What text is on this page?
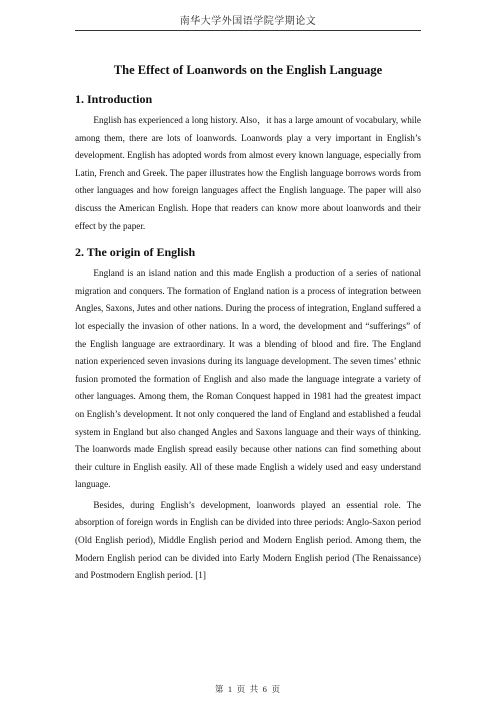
南华大学外国语学院学期论文
The Effect of Loanwords on the English Language
1. Introduction

English has experienced a long history. Also，it has a large amount of vocabulary, while among them, there are lots of loanwords. Loanwords play a very important in English’s development. English has adopted words from almost every known language, especially from Latin, French and Greek. The paper illustrates how the English language borrows words from other languages and how foreign languages affect the English language. The paper will also discuss the American English. Hope that readers can know more about loanwords and their effect by the paper.

2. The origin of English

England is an island nation and this made English a production of a series of national migration and conquers. The formation of England nation is a process of integration between Angles, Saxons, Jutes and other nations. During the process of integration, England suffered a lot especially the invasion of other nations. In a word, the development and “sufferings” of the English language are extraordinary. It was a blending of blood and fire. The England nation experienced seven invasions during its language development. The seven times’ ethnic fusion promoted the formation of English and also made the language integrate a variety of other languages. Among them, the Roman Conquest happed in 1981 had the greatest impact on English’s development. It not only conquered the land of England and established a feudal system in England but also changed Angles and Saxons language and their ways of thinking. The loanwords made English spread easily because other nations can find something about their culture in English easily. All of these made English a widely used and easy understand language.

Besides, during English’s development, loanwords played an essential role. The absorption of foreign words in English can be divided into three periods: Anglo-Saxon period (Old English period), Middle English period and Modern English period. Among them, the Modern English period can be divided into Early Modern English period (The Renaissance) and Postmodern English period. [1]

第 1 页 共 6 页
